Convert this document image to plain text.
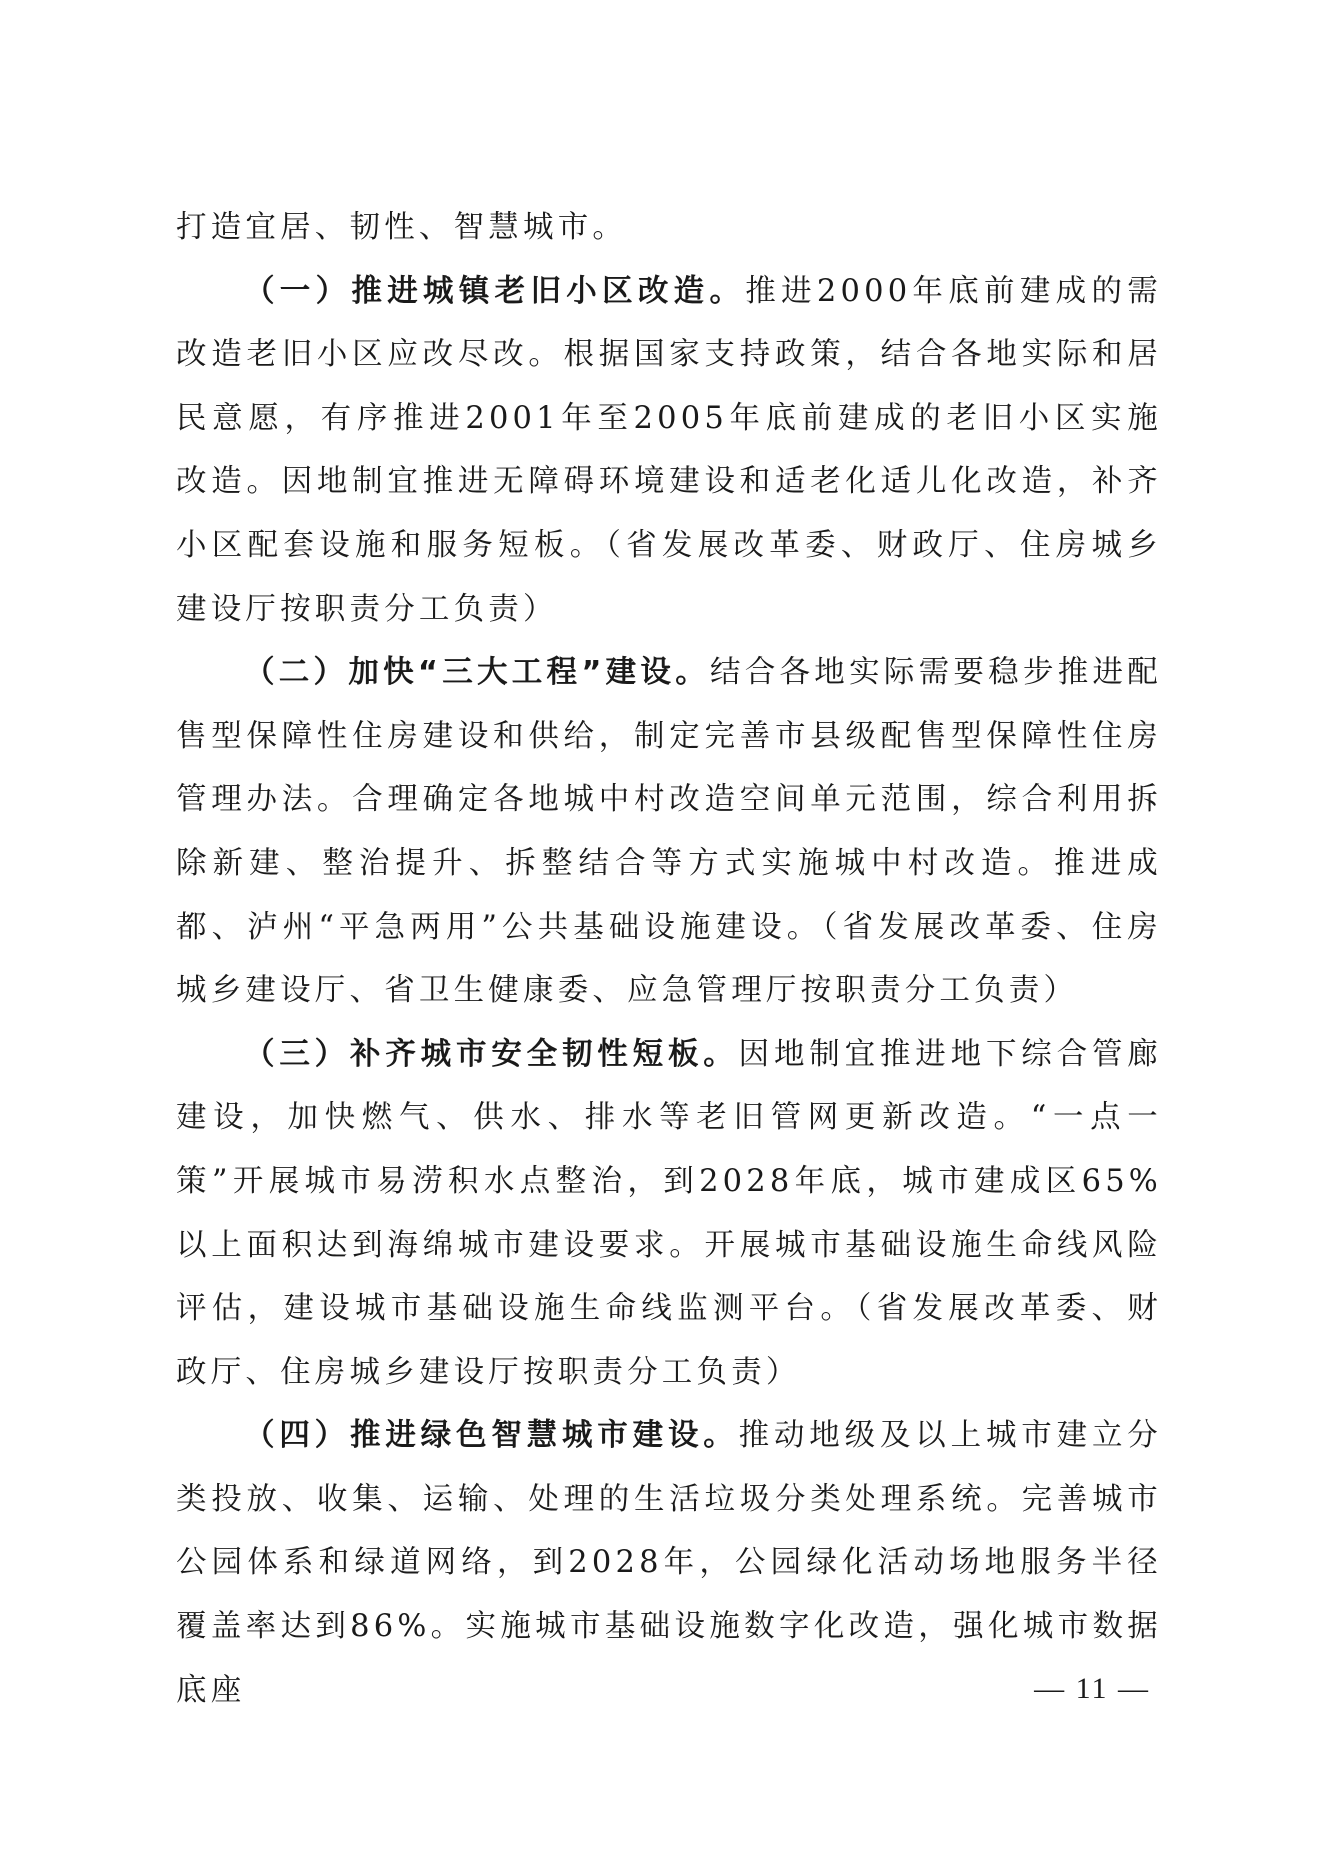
打造宜居、韧性、智慧城市。

（一）推进城镇老旧小区改造。推进2000年底前建成的需改造老旧小区应改尽改。根据国家支持政策，结合各地实际和居民意愿，有序推进2001年至2005年底前建成的老旧小区实施改造。因地制宜推进无障碍环境建设和适老化适儿化改造，补齐小区配套设施和服务短板。（省发展改革委、财政厅、住房城乡建设厅按职责分工负责）

（二）加快“三大工程”建设。结合各地实际需要稳步推进配售型保障性住房建设和供给，制定完善市县级配售型保障性住房管理办法。合理确定各地城中村改造空间单元范围，综合利用拆除新建、整治提升、拆整结合等方式实施城中村改造。推进成都、泸州“平急两用”公共基础设施建设。（省发展改革委、住房城乡建设厅、省卫生健康委、应急管理厅按职责分工负责）

（三）补齐城市安全韧性短板。因地制宜推进地下综合管廊建设，加快燃气、供水、排水等老旧管网更新改造。“一点一策”开展城市易涝积水点整治，到2028年底，城市建成区65%以上面积达到海绵城市建设要求。开展城市基础设施生命线风险评估，建设城市基础设施生命线监测平台。（省发展改革委、财政厅、住房城乡建设厅按职责分工负责）

（四）推进绿色智慧城市建设。推动地级及以上城市建立分类投放、收集、运输、处理的生活垃圾分类处理系统。完善城市公园体系和绿道网络，到2028年，公园绿化活动场地服务半径覆盖率达到86%。实施城市基础设施数字化改造，强化城市数据底座	— 11 —
